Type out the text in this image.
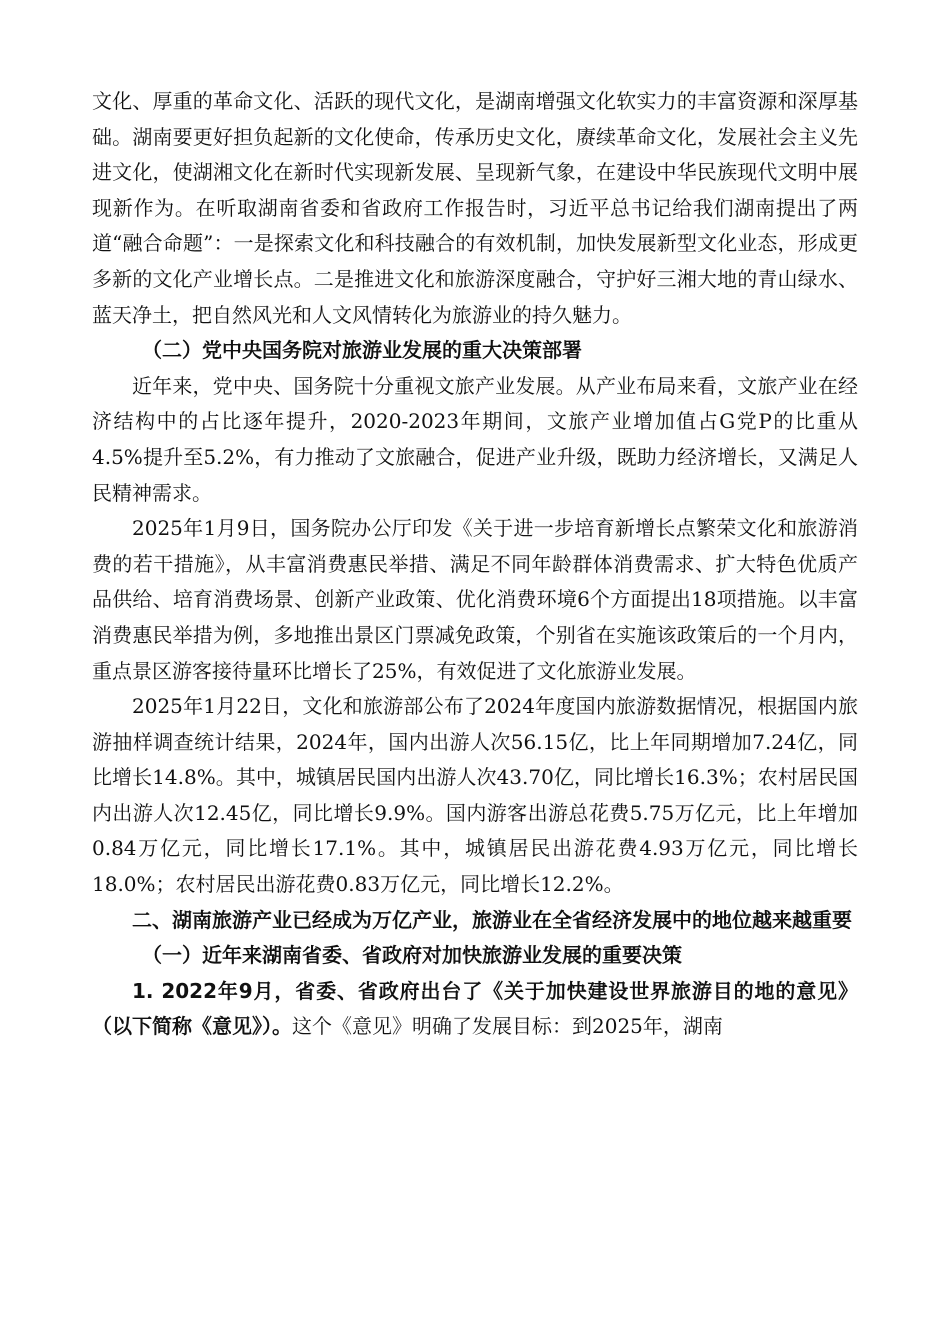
文化、厚重的革命文化、活跃的现代文化，是湖南增强文化软实力的丰富资源和深厚基础。湖南要更好担负起新的文化使命，传承历史文化，赓续革命文化，发展社会主义先进文化，使湖湘文化在新时代实现新发展、呈现新气象，在建设中华民族现代文明中展现新作为。在听取湖南省委和省政府工作报告时，习近平总书记给我们湖南提出了两道“融合命题”：一是探索文化和科技融合的有效机制，加快发展新型文化业态，形成更多新的文化产业增长点。二是推进文化和旅游深度融合，守护好三湘大地的青山绿水、蓝天净土，把自然风光和人文风情转化为旅游业的持久魅力。

（二）党中央国务院对旅游业发展的重大决策部署

近年来，党中央、国务院十分重视文旅产业发展。从产业布局来看，文旅产业在经济结构中的占比逐年提升，2020-2023年期间，文旅产业增加值占G党P的比重从4.5%提升至5.2%，有力推动了文旅融合，促进产业升级，既助力经济增长，又满足人民精神需求。

2025年1月9日，国务院办公厅印发《关于进一步培育新增长点繁荣文化和旅游消费的若干措施》，从丰富消费惠民举措、满足不同年龄群体消费需求、扩大特色优质产品供给、培育消费场景、创新产业政策、优化消费环境6个方面提出18项措施。以丰富消费惠民举措为例，多地推出景区门票减免政策，个别省在实施该政策后的一个月内，重点景区游客接待量环比增长了25%，有效促进了文化旅游业发展。

2025年1月22日，文化和旅游部公布了2024年度国内旅游数据情况，根据国内旅游抽样调查统计结果，2024年，国内出游人次56.15亿，比上年同期增加7.24亿，同比增长14.8%。其中，城镇居民国内出游人次43.70亿，同比增长16.3%；农村居民国内出游人次12.45亿，同比增长9.9%。国内游客出游总花费5.75万亿元，比上年增加0.84万亿元，同比增长17.1%。其中，城镇居民出游花费4.93万亿元，同比增长18.0%；农村居民出游花费0.83万亿元，同比增长12.2%。

二、湖南旅游产业已经成为万亿产业，旅游业在全省经济发展中的地位越来越重要

（一）近年来湖南省委、省政府对加快旅游业发展的重要决策

1. 2022年9月，省委、省政府出台了《关于加快建设世界旅游目的地的意见》（以下简称《意见》）。这个《意见》明确了发展目标：到2025年，湖南
